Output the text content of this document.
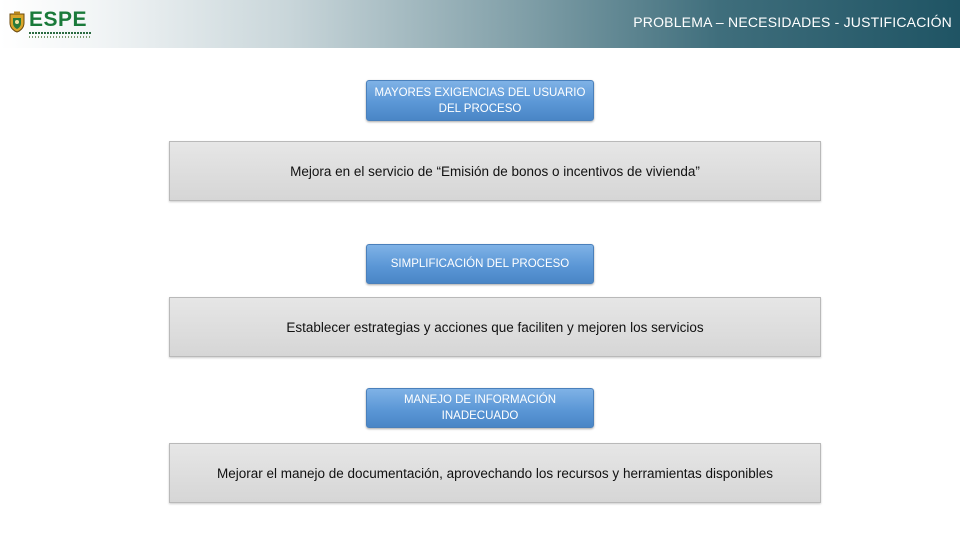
ESPE	PROBLEMA – NECESIDADES - JUSTIFICACIÓN
MAYORES EXIGENCIAS DEL USUARIO DEL PROCESO
Mejora en el servicio de “Emisión de bonos o incentivos de vivienda”
SIMPLIFICACIÓN DEL PROCESO
Establecer estrategias y acciones que faciliten y mejoren los servicios
MANEJO DE INFORMACIÓN INADECUADO
Mejorar el manejo de documentación, aprovechando los recursos y herramientas disponibles
